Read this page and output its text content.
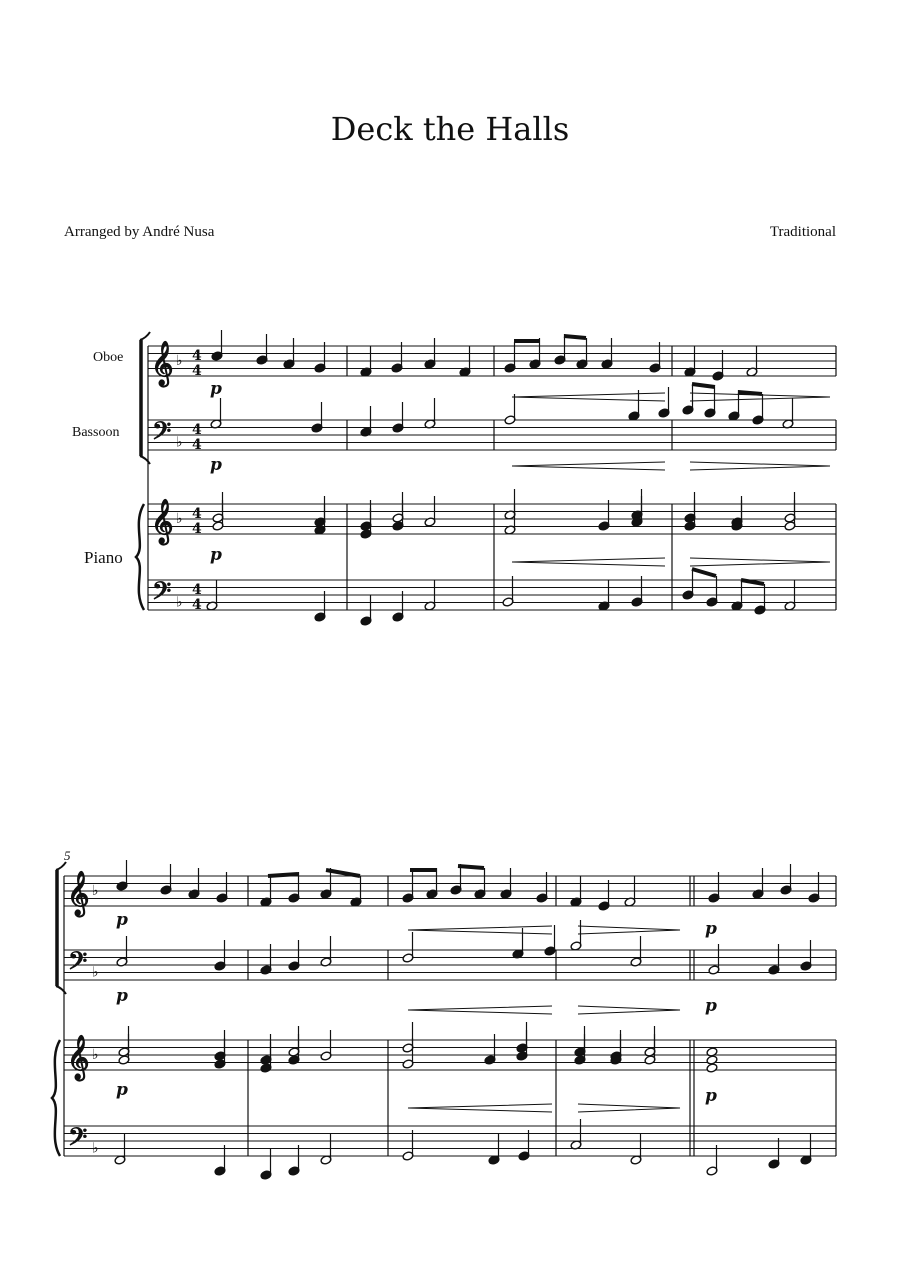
Deck the Halls
Arranged by André Nusa	Traditional
Oboe
Bassoon
Piano
5
𝄞
𝄢
𝄞
𝄢
♭
♭
♭
♭
4
4
4
4
4
4
4
4
p
p
p
𝄞
𝄢
𝄞
𝄢
♭
♭
♭
♭
p
p
p
p
p
p
